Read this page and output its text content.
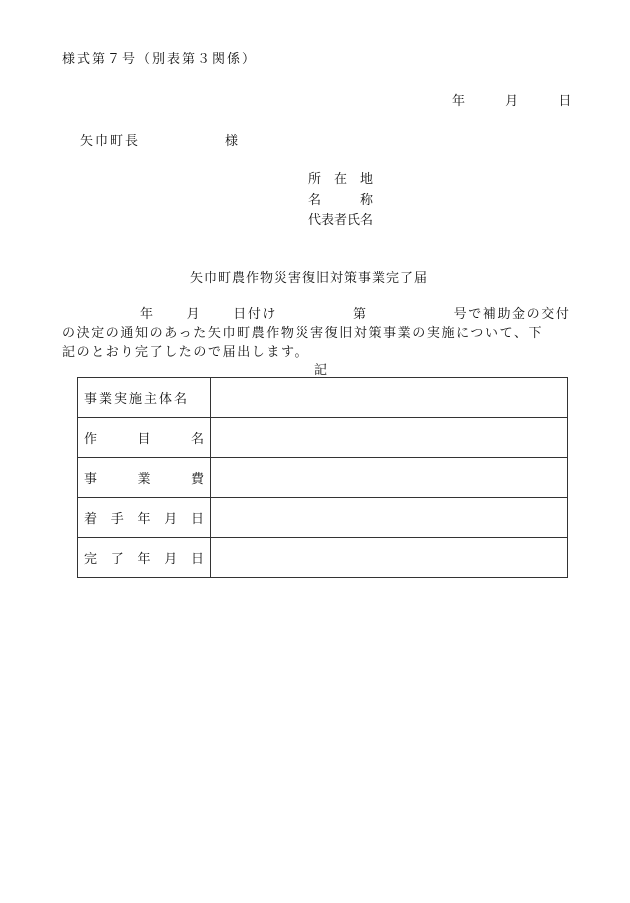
様式第７号（別表第３関係）
年	月	日
矢巾町長	様
所　在　地
名　　　称
代表者氏名
矢巾町農作物災害復旧対策事業完了届
年 月 日付け	第	号で補助金の交付
の決定の通知のあった矢巾町農作物災害復旧対策事業の実施について、下
記のとおり完了したので届出します。
記
事業実施主体名	

作 目 名	

事 業 費	

着 手 年 月 日	

完 了 年 月 日	
